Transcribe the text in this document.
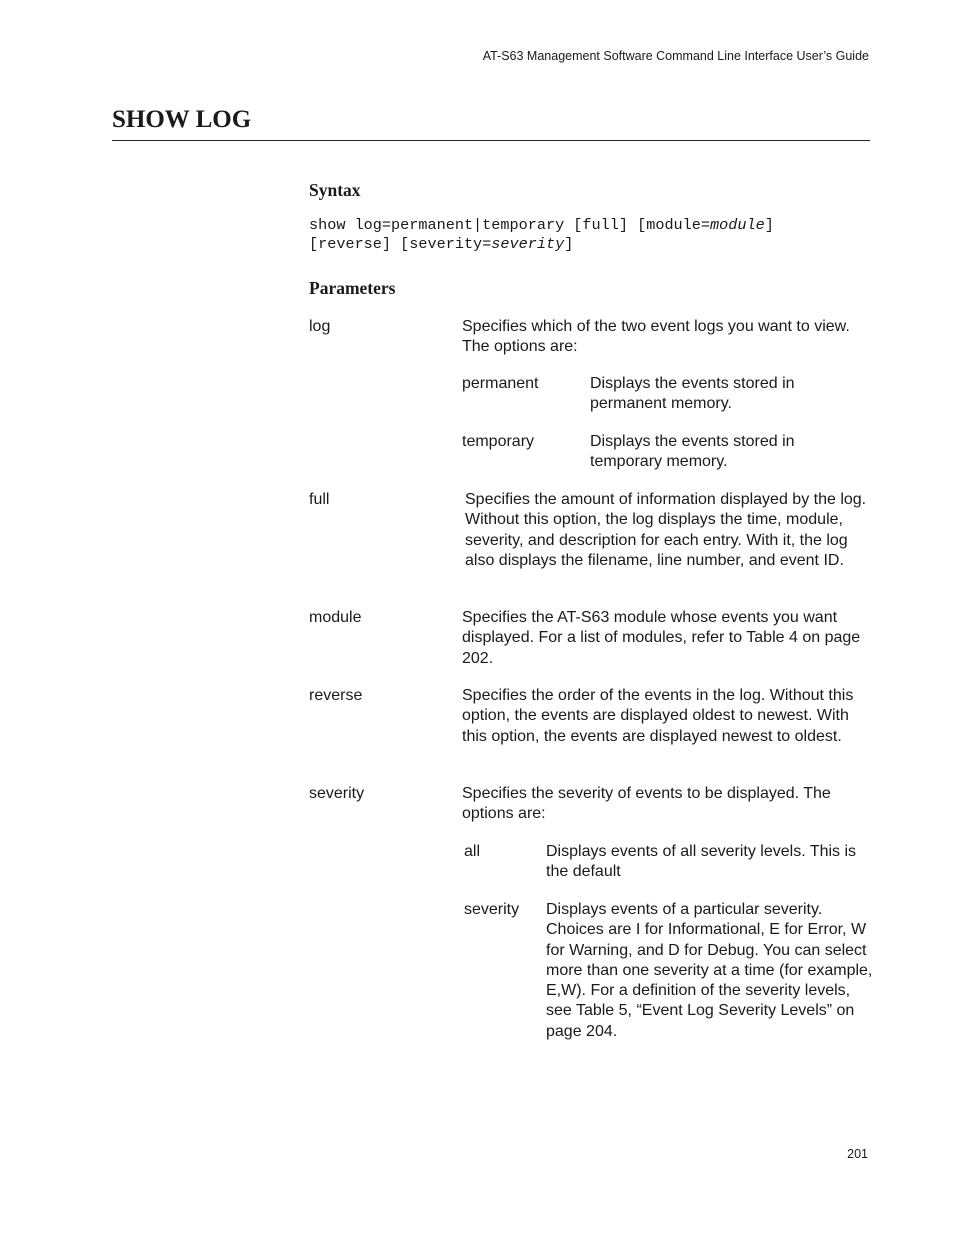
AT-S63 Management Software Command Line Interface User’s Guide
SHOW LOG
Syntax
show log=permanent|temporary [full] [module=module]
[reverse] [severity=severity]
Parameters
log	Specifies which of the two event logs you want to view. The options are:
permanent	Displays the events stored in permanent memory.
temporary	Displays the events stored in temporary memory.
full	Specifies the amount of information displayed by the log. Without this option, the log displays the time, module, severity, and description for each entry. With it, the log also displays the filename, line number, and event ID.
module	Specifies the AT-S63 module whose events you want displayed. For a list of modules, refer to Table 4 on page 202.
reverse	Specifies the order of the events in the log. Without this option, the events are displayed oldest to newest. With this option, the events are displayed newest to oldest.
severity	Specifies the severity of events to be displayed. The options are:
all	Displays events of all severity levels. This is the default
severity Displays events of a particular severity. Choices are I for Informational, E for Error, W for Warning, and D for Debug. You can select more than one severity at a time (for example, E,W). For a definition of the severity levels, see Table 5, “Event Log Severity Levels” on page 204.
201
